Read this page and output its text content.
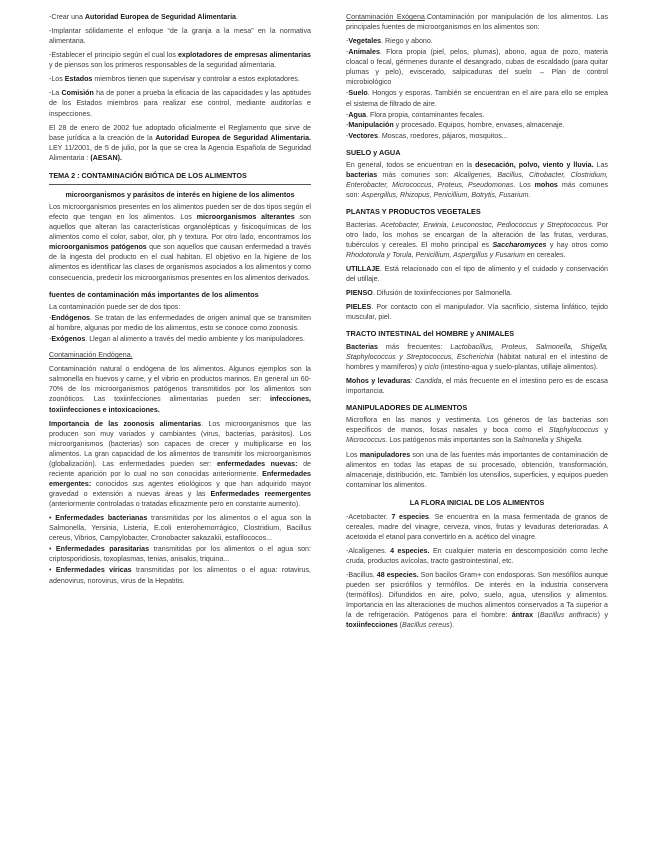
-Crear una Autoridad Europea de Seguridad Alimentaria.

-Implantar sólidamente el enfoque “de la granja a la mesa” en la normativa alimentaria.

-Establecer el principio según el cual los explotadores de empresas alimentarias y de piensos son los primeros responsables de la seguridad alimentaria.

-Los Estados miembros tienen que supervisar y controlar a estos explotadores.

-La Comisión ha de poner a prueba la eficacia de las capacidades y las aptitudes de los Estados miembros para realizar ese control, mediante auditorías e inspecciones.

El 28 de enero de 2002 fue adoptado oficialmente el Reglamento que sirve de base jurídica a la creación de la Autoridad Europea de Seguridad Alimentaria. LEY 11/2001, de 5 de julio, por la que se crea la Agencia Española de Seguridad Alimentaria : (AESAN).

TEMA 2 : CONTAMINACIÓN BIÓTICA DE LOS ALIMENTOS
microorganismos y parásitos de interés en higiene de los alimentos

Los microorganismos presentes en los alimentos pueden ser de dos tipos según el efecto que tengan en los alimentos. Los microorganismos alterantes son aquellos que alteran las características organolépticas y fisicoquímicas de los alimentos como el color, sabor, olor, ph y textura. Por otro lado, encontramos los microorganismos patógenos que son aquellos que causan enfermedad a través de la ingesta del producto en el cual habitan. El objetivo en la higiene de los alimentos es identificar las clases de organismos asociados a los alimentos y como consecuencia, predecir los microorganismos presentes en los alimentos derivados.

fuentes de contaminación más importantes de los alimentos

La contaminación puede ser de dos tipos:

-Endógenos. Se tratan de las enfermedades de origen animal que se transmiten al hombre, algunas por medio de los alimentos, esto se conoce como zoonosis.

-Exógenos. Llegan al alimento a través del medio ambiente y los manipuladores.

Contaminación Endógena.

Contaminación natural o endógena de los alimentos. Algunos ejemplos son la salmonella en huevos y carne, y el vibrio en productos marinos. En general un 60-70% de los microorganismos patógenos transmitidos por los alimentos son zoonóticos. Las toxiinfecciones alimentarias pueden ser: infecciones, toxiinfecciones e intoxicaciones.

Importancia de las zoonosis alimentarias. Los microorganismos que las producen son muy variados y cambiantes (virus, bacterias, parásitos). Los microorganismos (bacterias) son capaces de crecer y multiplicarse en los alimentos. La gran capacidad de los alimentos de transmitir los microorganismos (globalización). Las enfermedades pueden ser: enfermedades nuevas: de reciente aparición por lo cual no son conocidas anteriormente. Enfermedades emergentes: conocidos sus agentes etiológicos y que han adquirido mayor gravedad o extensión a nuevas áreas y las Enfermedades reemergentes (anteriormente controladas o tratadas eficazmente pero en constante aumento).

• Enfermedades bacterianas transmitidas por los alimentos o el agua son la Salmonella, Yersinia, Listeria, E.coli enterohemorrágico, Clostridium, Bacillus cereus, Vibrios, Campylobacter, Cronobacter sakazakii, estafilococos...

• Enfermedades parasitarias transmitidas por los alimentos o el agua son: criptosporidiosis, toxoplasmas, tenias, anisakis, triquina...

• Enfermedades víricas transmitidas por los alimentos o el agua: rotavirus, adenovirus, norovirus, virus de la Hepatitis.

Contaminación Exógena.Contaminación por manipulación de los alimentos. Las principales fuentes de microorganismos en los alimentos son:

-Vegetales. Riego y abono.

-Animales. Flora propia (piel, pelos, plumas), abono, agua de pozo, materia cloacal o fecal, gérmenes durante el desangrado, cubas de escaldado (para quitar plumas y pelo), eviscerado, salpicaduras del suelo → Plan de control microbiológico

-Suelo. Hongos y esporas. También se encuentran en el aire para ello se emplea el sistema de filtrado de aire.

-Agua. Flora propia, contaminantes fecales.

-Manipulación y procesado. Equipos, hombre, envases, almacenaje.

-Vectores. Moscas, roedores, pájaros, mosquitos...

SUELO y AGUA

En general, todos se encuentran en la desecación, polvo, viento y lluvia. Las bacterias más comunes son: Alcaligenes, Bacillus, Citrobacter, Clostridium, Enterobacter, Micrococcus, Proteus, Pseudomonas. Los mohos más comunes son: Aspergillus, Rhizopus, Penicillium, Botrytis, Fusarium.

PLANTAS Y PRODUCTOS VEGETALES

Bacterias. Acetobacter, Erwinia, Leuconostoc, Pediococcus y Streptococcus. Por otro lado, los mohos se encargan de la alteración de las frutas, verduras, tubérculos y cereales. El moho principal es Saccharomyces y hay otros como Rhodotorula y Torula, Penicillium, Aspergillus y Fusarium en cereales.

UTILLAJE. Está relacionado con el tipo de alimento y el cuidado y conservación del utillaje.

PIENSO. Difusión de toxiinfecciones por Salmonella.

PIELES. Por contacto con el manipulador. Vía sacrificio, sistema linfático, tejido muscular, piel.

TRACTO INTESTINAL del HOMBRE y ANIMALES

Bacterias más frecuentes: Lactobacillus, Proteus, Salmonella, Shigella, Staphylococcus y Streptococcus, Escherichia (hábitat natural en el intestino de hombres y mamíferos) y ciclo (intestino-agua y suelo-plantas, utillaje alimentos).

Mohos y levaduras: Candida, el más frecuente en el intestino pero es de escasa importancia.

MANIPULADORES DE ALIMENTOS

Microflora en las manos y vestimenta. Los géneros de las bacterias son específicos de manos, fosas nasales y boca como el Staphylococcus y Micrococcus. Los patógenos más importantes son la Salmonella y Shigella.

Los manipuladores son una de las fuentes más importantes de contaminación de alimentos en todas las etapas de su procesado, obtención, transformación, almacenaje, distribución, etc. También los utensilios, superficies, y equipos pueden contaminar los alimentos.

LA FLORA INICIAL DE LOS ALIMENTOS

-Acetobacter. 7 especies. Se encuentra en la masa fermentada de granos de cereales, madre del vinagre, cerveza, vinos, frutas y levaduras deterioradas. A acetoxida el etanol para convertirlo en a. acético del vinagre.

-Alcaligenes. 4 especies. En cualquier materia en descomposición como leche cruda, productos avícolas, tracto gastrointestinal, etc.

-Bacillus. 48 especies. Son bacilos Gram+ con endosporas. Son mesófilos aunque pueden ser psicrófilos y termófilos. De interés en la industria conservera (termófilos). Difundidos en aire, polvo, suelo, agua, utensilios y alimentos. Importancia en las alteraciones de muchos alimentos conservados a Ta superior a la de refrigeración. Patógenos para el hombre: ántrax (Bacillus anthracis) y toxiinfecciones (Bacillus cereus).
